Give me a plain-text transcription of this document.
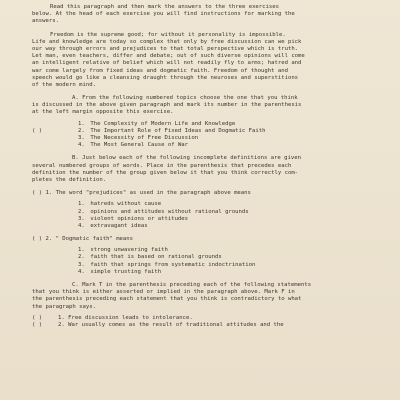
Read this paragraph and then mark the answers to the three exercises
below. At the head of each exercise you will find instructions for marking the
answers.
Freedom is the supreme good; for without it personality is impossible.
Life and knowledge are today so complex that only by free discussion can we pick
our way through errors and prejudices to that total perspective which is truth.
Let man, even teachers, differ and debate; out of such diverse opinions will come
an intelligent relative of belief which will not readily fly to arms; hatred and
war come largely from fixed ideas and dogmatic faith. Freedom of thought and
speech would go like a cleansing draught through the neuroses and superstitions
of the modern mind.
A. From the following numbered topics choose the one that you think
is discussed in the above given paragraph and mark its number in the parenthesis
at the left margin opposite this exercise.
1. The Complexity of Modern Life and Knowledge
( )	2. The Important Role of Fixed Ideas and Dogmatic Faith
3. The Necessity of Free Discussion
4. The Most General Cause of War
B. Just below each of the following incomplete definitions are given
several numbered groups of words. Place in the parenthesis that precedes each
definition the number of the group given below it that you think correctly com-
pletes the definition.
( ) 1. The word "prejudices" as used in the paragraph above means
1. hatreds without cause
2. opinions and attitudes without rational grounds
3. violent opinions or attitudes
4. extravagant ideas
( ) 2. " Dogmatic faith" means
1. strong unwavering faith
2. faith that is based on rational grounds
3. faith that springs from systematic indoctrination
4. simple trusting faith
C. Mark T in the parenthesis preceding each of the following statements
that you think is either asserted or implied in the paragraph above. Mark F in
the parenthesis preceding each statement that you think is contradictory to what
the paragraph says.
( )	1. Free discussion leads to intolerance.
( )	2. War usually comes as the result of traditional attitudes and the
